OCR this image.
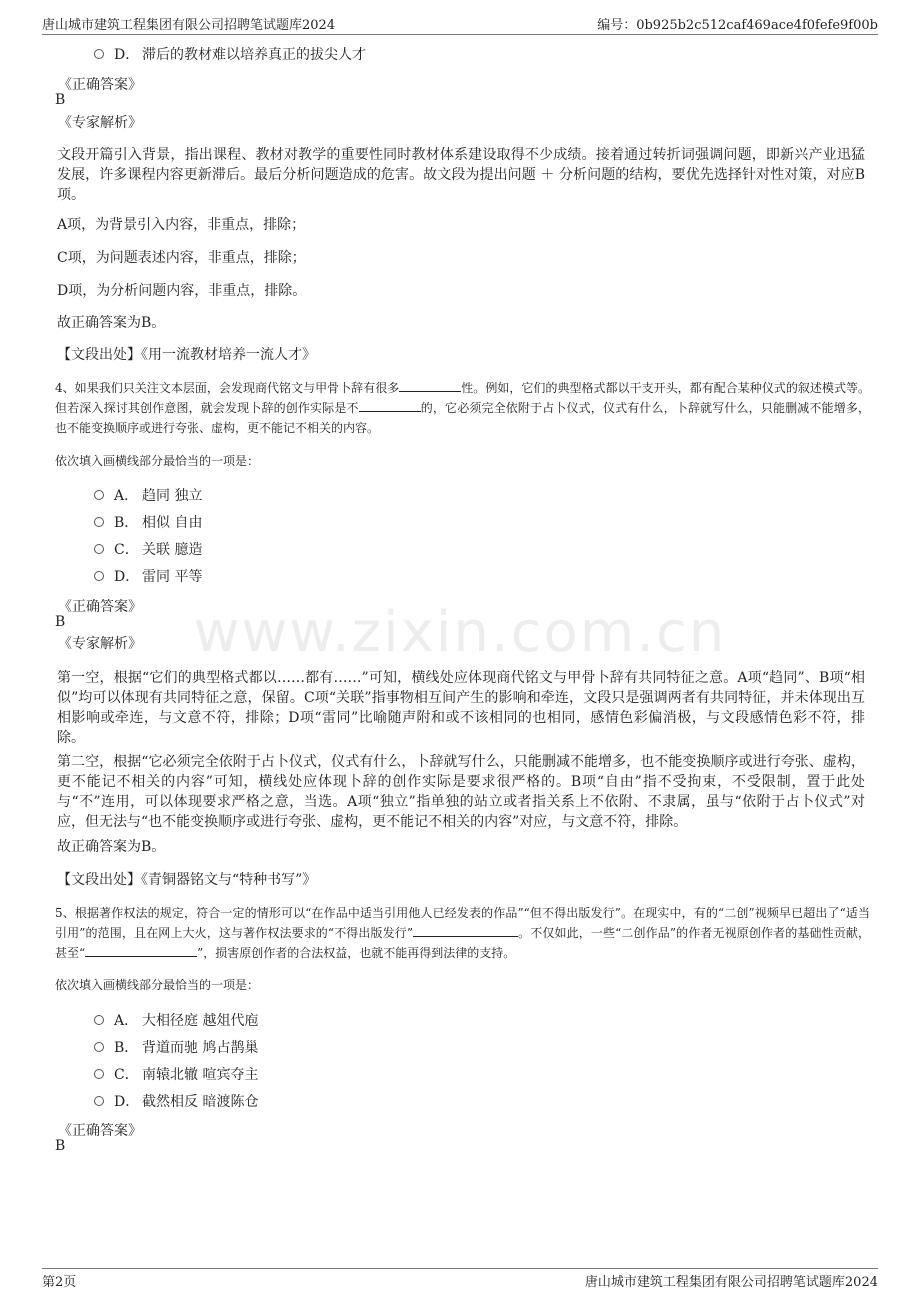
唐山城市建筑工程集团有限公司招聘笔试题库2024	编号：0b925b2c512caf469ace4f0fefe9f00b
www.zixin.com.cn
D． 滞后的教材难以培养真正的拔尖人才
《正确答案》
B
《专家解析》
文段开篇引入背景，指出课程、教材对教学的重要性同时教材体系建设取得不少成绩。接着通过转折词强调问题，即新兴产业迅猛发展，许多课程内容更新滞后。最后分析问题造成的危害。故文段为提出问题 ＋ 分析问题的结构，要优先选择针对性对策，对应B项。
A项，为背景引入内容，非重点，排除；
C项，为问题表述内容，非重点，排除；
D项，为分析问题内容，非重点，排除。
故正确答案为B。
【文段出处】《用一流教材培养一流人才》
4、如果我们只关注文本层面，会发现商代铭文与甲骨卜辞有很多	性。例如，它们的典型格式都以干支开头，都有配合某种仪式的叙述模式等。但若深入探讨其创作意图，就会发现卜辞的创作实际是不	的，它必须完全依附于占卜仪式，仪式有什么，卜辞就写什么，只能删减不能增多，也不能变换顺序或进行夸张、虚构，更不能记不相关的内容。
依次填入画横线部分最恰当的一项是：
A． 趋同 独立
B． 相似 自由
C． 关联 臆造
D． 雷同 平等
《正确答案》
B
《专家解析》
第一空，根据“它们的典型格式都以……都有……”可知，横线处应体现商代铭文与甲骨卜辞有共同特征之意。A项“趋同”、B项“相似”均可以体现有共同特征之意，保留。C项“关联”指事物相互间产生的影响和牵连，文段只是强调两者有共同特征，并未体现出互相影响或牵连，与文意不符，排除；D项“雷同”比喻随声附和或不该相同的也相同，感情色彩偏消极，与文段感情色彩不符，排除。
第二空，根据“它必须完全依附于占卜仪式，仪式有什么，卜辞就写什么，只能删减不能增多，也不能变换顺序或进行夸张、虚构，更不能记不相关的内容”可知，横线处应体现卜辞的创作实际是要求很严格的。B项“自由”指不受拘束，不受限制，置于此处与“不”连用，可以体现要求严格之意，当选。A项“独立”指单独的站立或者指关系上不依附、不隶属，虽与“依附于占卜仪式”对应，但无法与“也不能变换顺序或进行夸张、虚构，更不能记不相关的内容”对应，与文意不符，排除。
故正确答案为B。
【文段出处】《青铜器铭文与“特种书写”》
5、根据著作权法的规定，符合一定的情形可以“在作品中适当引用他人已经发表的作品”“但不得出版发行”。在现实中，有的“二创”视频早已超出了“适当引用”的范围，且在网上大火，这与著作权法要求的“不得出版发行”	。不仅如此，一些“二创作品”的作者无视原创作者的基础性贡献，甚至“	”，损害原创作者的合法权益，也就不能再得到法律的支持。
依次填入画横线部分最恰当的一项是：
A． 大相径庭 越俎代庖
B． 背道而驰 鸠占鹊巢
C． 南辕北辙 喧宾夺主
D． 截然相反 暗渡陈仓
《正确答案》
B
第2页	唐山城市建筑工程集团有限公司招聘笔试题库2024
